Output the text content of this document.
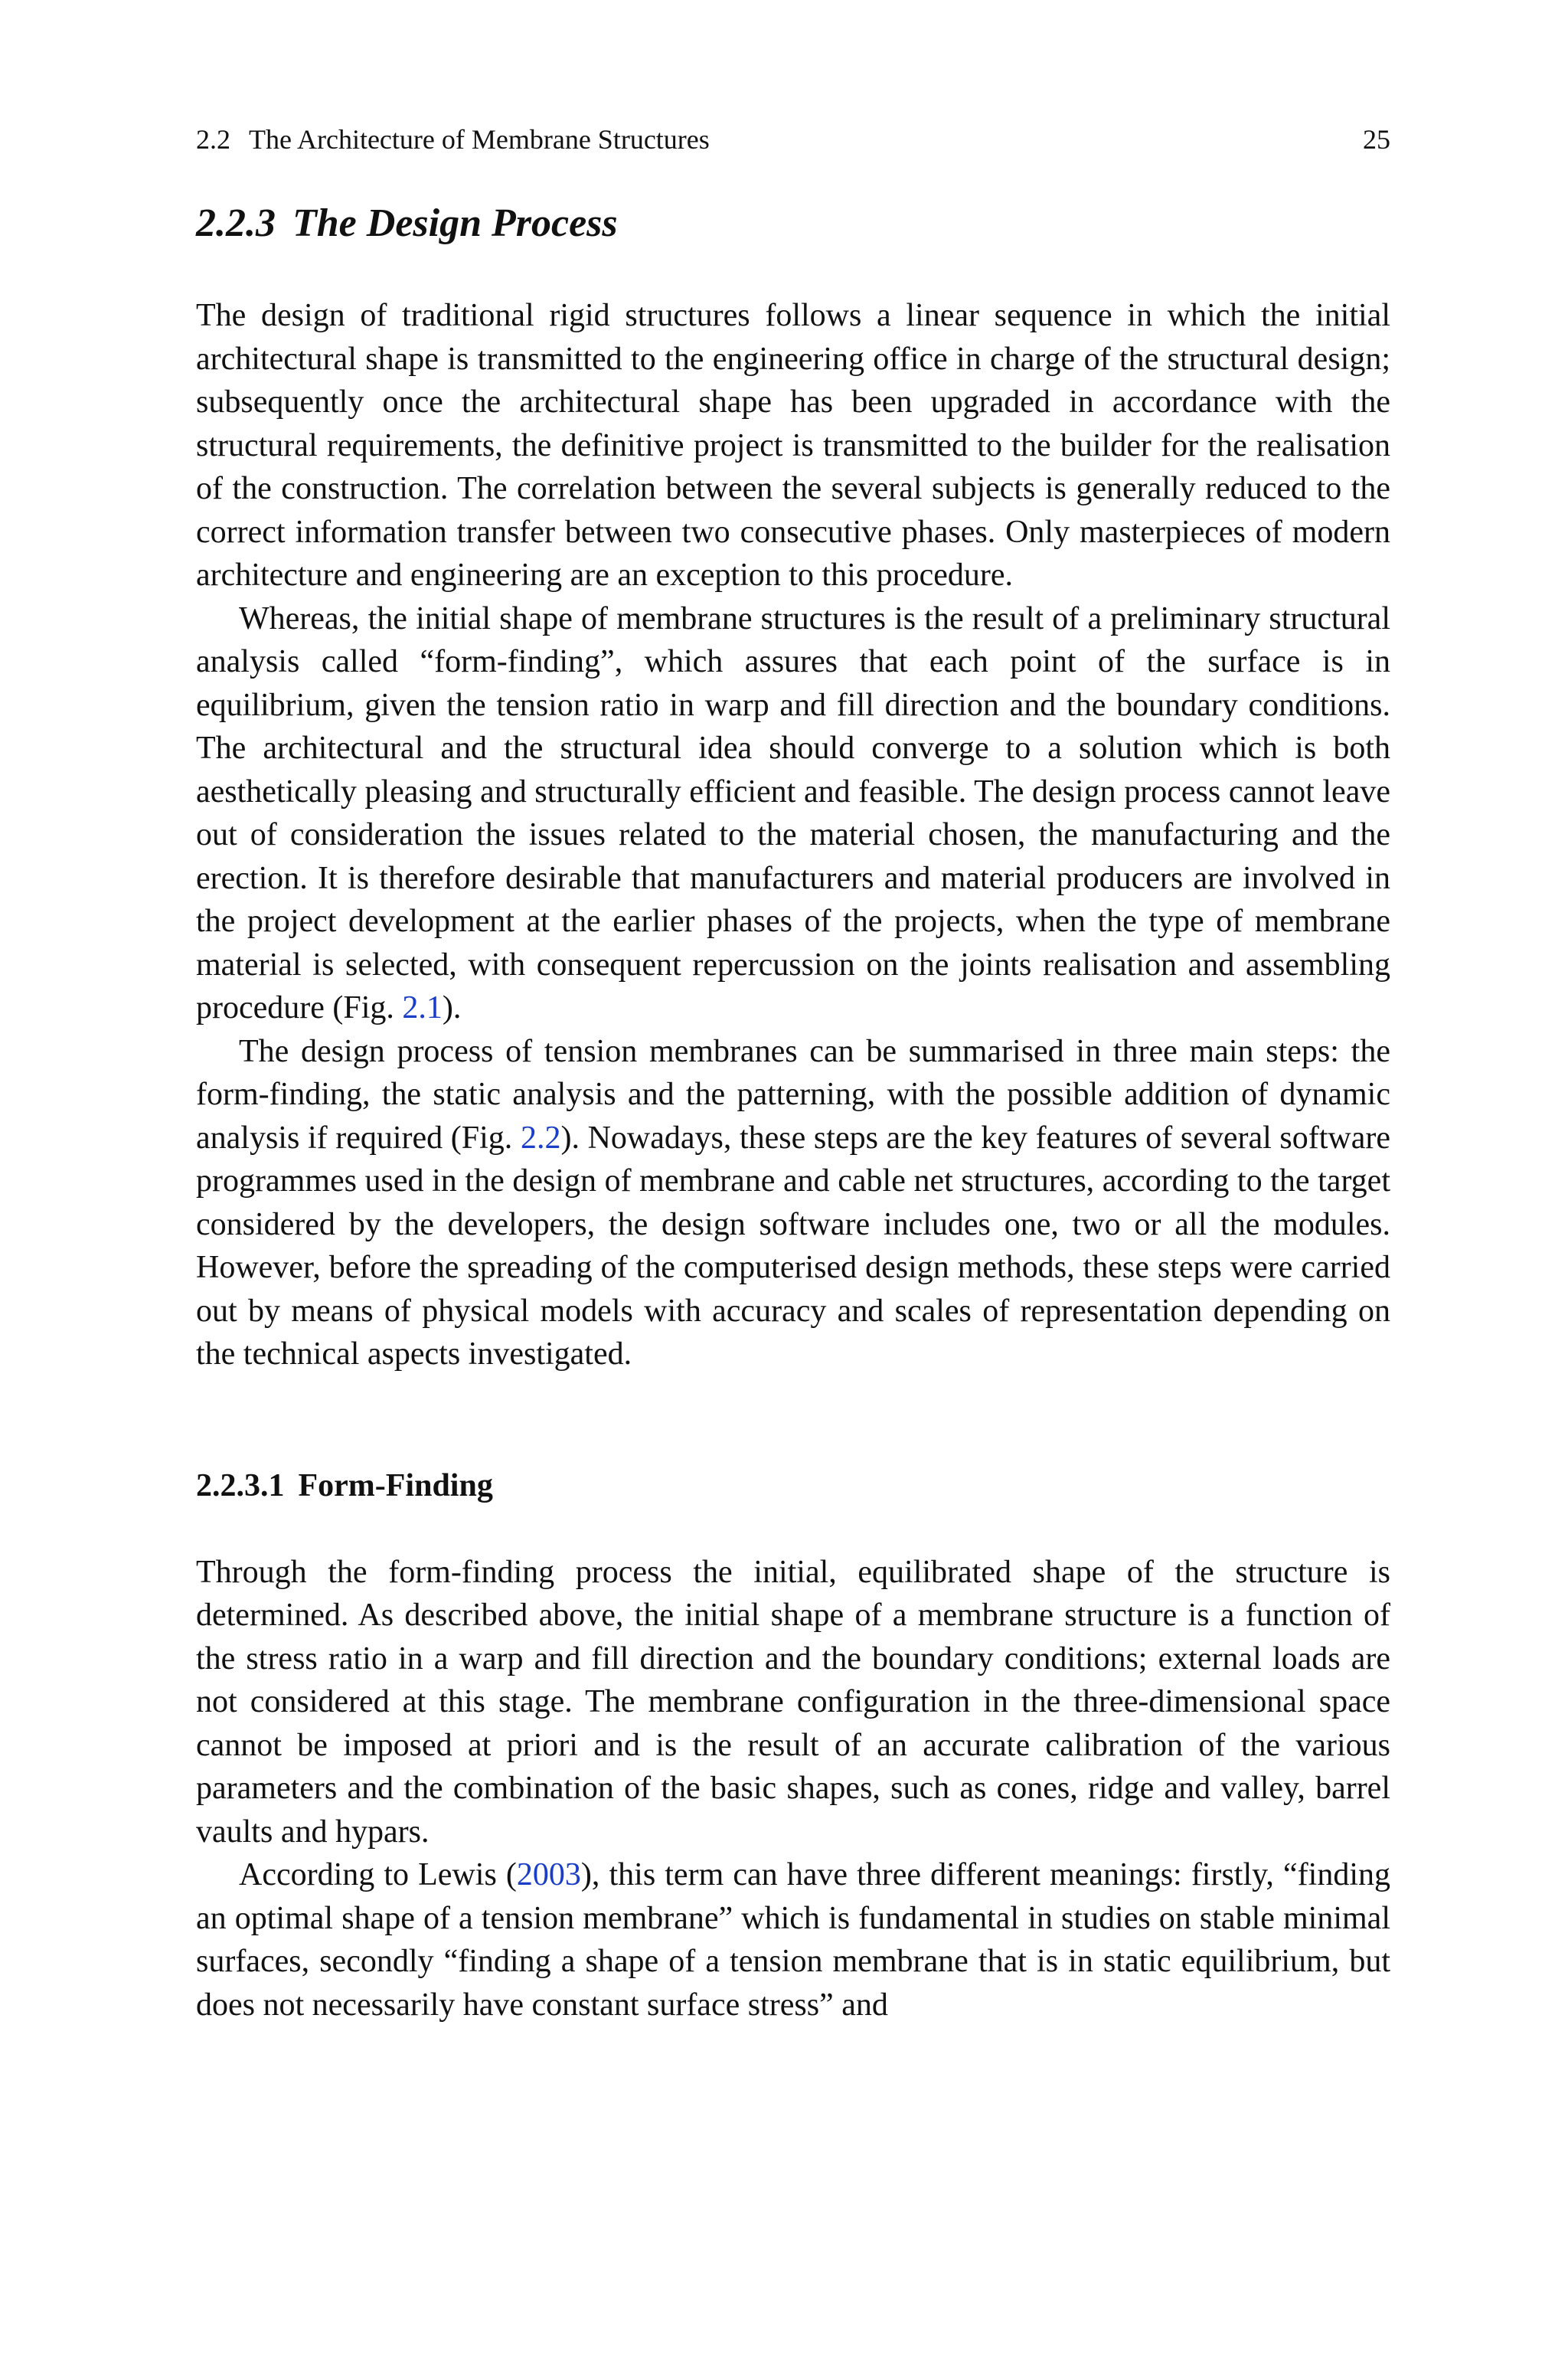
2.2 The Architecture of Membrane Structures	25
2.2.3 The Design Process

The design of traditional rigid structures follows a linear sequence in which the initial architectural shape is transmitted to the engineering office in charge of the structural design; subsequently once the architectural shape has been upgraded in accordance with the structural requirements, the definitive project is transmitted to the builder for the realisation of the construction. The correlation between the several subjects is generally reduced to the correct information transfer between two consecutive phases. Only masterpieces of modern architecture and engineering are an exception to this procedure.

Whereas, the initial shape of membrane structures is the result of a preliminary structural analysis called “form-finding”, which assures that each point of the surface is in equilibrium, given the tension ratio in warp and fill direction and the boundary conditions. The architectural and the structural idea should converge to a solution which is both aesthetically pleasing and structurally efficient and feasible. The design process cannot leave out of consideration the issues related to the material chosen, the manufacturing and the erection. It is therefore desirable that manufacturers and material producers are involved in the project development at the earlier phases of the projects, when the type of membrane material is selected, with consequent repercussion on the joints realisation and assembling procedure (Fig. 2.1).

The design process of tension membranes can be summarised in three main steps: the form-finding, the static analysis and the patterning, with the possible addition of dynamic analysis if required (Fig. 2.2). Nowadays, these steps are the key features of several software programmes used in the design of membrane and cable net structures, according to the target considered by the developers, the design software includes one, two or all the modules. However, before the spreading of the computerised design methods, these steps were carried out by means of physical models with accuracy and scales of representation depending on the technical aspects investigated.

2.2.3.1 Form-Finding

Through the form-finding process the initial, equilibrated shape of the structure is determined. As described above, the initial shape of a membrane structure is a function of the stress ratio in a warp and fill direction and the boundary conditions; external loads are not considered at this stage. The membrane configuration in the three-dimensional space cannot be imposed at priori and is the result of an accurate calibration of the various parameters and the combination of the basic shapes, such as cones, ridge and valley, barrel vaults and hypars.

According to Lewis (2003), this term can have three different meanings: firstly, “finding an optimal shape of a tension membrane” which is fundamental in studies on stable minimal surfaces, secondly “finding a shape of a tension membrane that is in static equilibrium, but does not necessarily have constant surface stress” and
